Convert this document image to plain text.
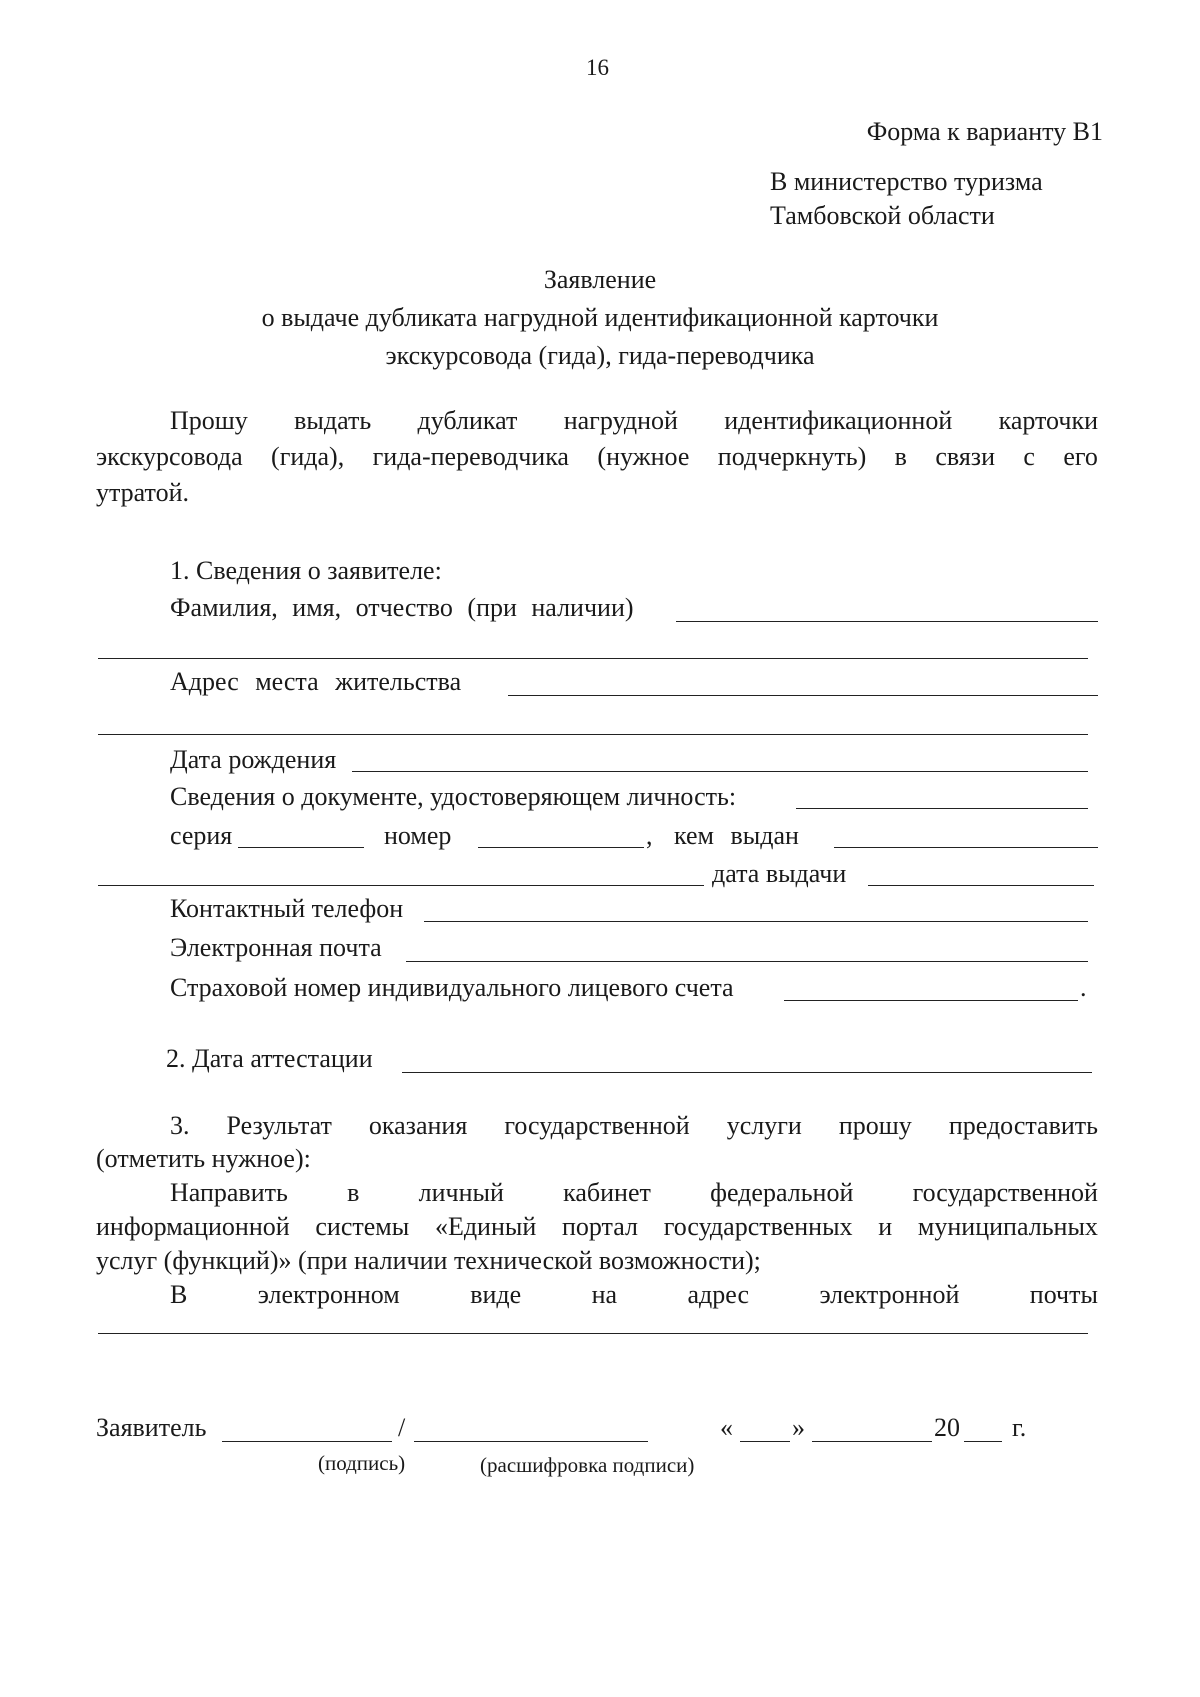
16
Форма к варианту В1
В министерство туризма
Тамбовской области
Заявление
о выдаче дубликата нагрудной идентификационной карточки
экскурсовода (гида), гида-переводчика
Прошу выдать дубликат нагрудной идентификационной карточки
экскурсовода (гида), гида-переводчика (нужное подчеркнуть) в связи с его
утратой.
1. Сведения о заявителе:
Фамилия, имя, отчество (при наличии)
Адрес места жительства
Дата рождения
Сведения о документе, удостоверяющем личность:
серия	номер	, кем выдан
дата выдачи
Контактный телефон
Электронная почта
Страховой номер индивидуального лицевого счета	.
2. Дата аттестации
3. Результат оказания государственной услуги прошу предоставить
(отметить нужное):
Направить в личный кабинет федеральной государственной
информационной системы «Единый портал государственных и муниципальных
услуг (функций)» (при наличии технической возможности);
В	электронном	виде	на	адрес	электронной	почты
Заявитель	/	« »	20 г.
(подпись)	(расшифровка подписи)
